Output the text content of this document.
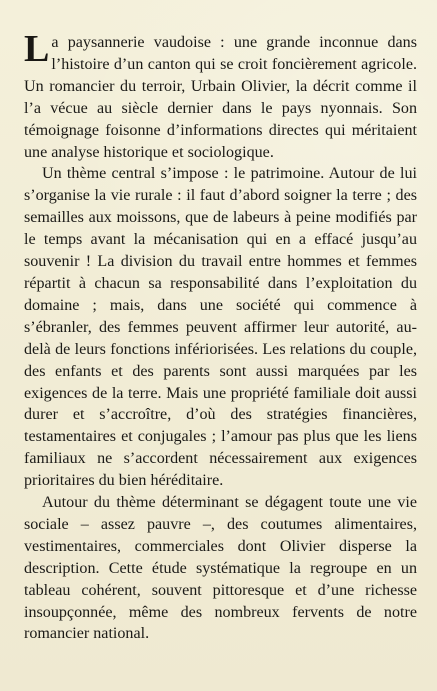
La paysannerie vaudoise : une grande inconnue dans l’histoire d’un canton qui se croit foncièrement agricole. Un romancier du terroir, Urbain Olivier, la décrit comme il l’a vécue au siècle dernier dans le pays nyonnais. Son témoignage foisonne d’informations directes qui méritaient une analyse historique et sociologique.

Un thème central s’impose : le patrimoine. Autour de lui s’organise la vie rurale : il faut d’abord soigner la terre ; des semailles aux moissons, que de labeurs à peine modifiés par le temps avant la mécanisation qui en a effacé jusqu’au souvenir ! La division du travail entre hommes et femmes répartit à chacun sa responsabilité dans l’exploitation du domaine ; mais, dans une société qui commence à s’ébranler, des femmes peuvent affirmer leur autorité, au-delà de leurs fonctions infériorisées. Les relations du couple, des enfants et des parents sont aussi marquées par les exigences de la terre. Mais une propriété familiale doit aussi durer et s’accroître, d’où des stratégies financières, testamentaires et conjugales ; l’amour pas plus que les liens familiaux ne s’accordent nécessairement aux exigences prioritaires du bien héréditaire.

Autour du thème déterminant se dégagent toute une vie sociale – assez pauvre –, des coutumes alimentaires, vestimentaires, commerciales dont Olivier disperse la description. Cette étude systématique la regroupe en un tableau cohérent, souvent pittoresque et d’une richesse insoupçonnée, même des nombreux fervents de notre romancier national.
